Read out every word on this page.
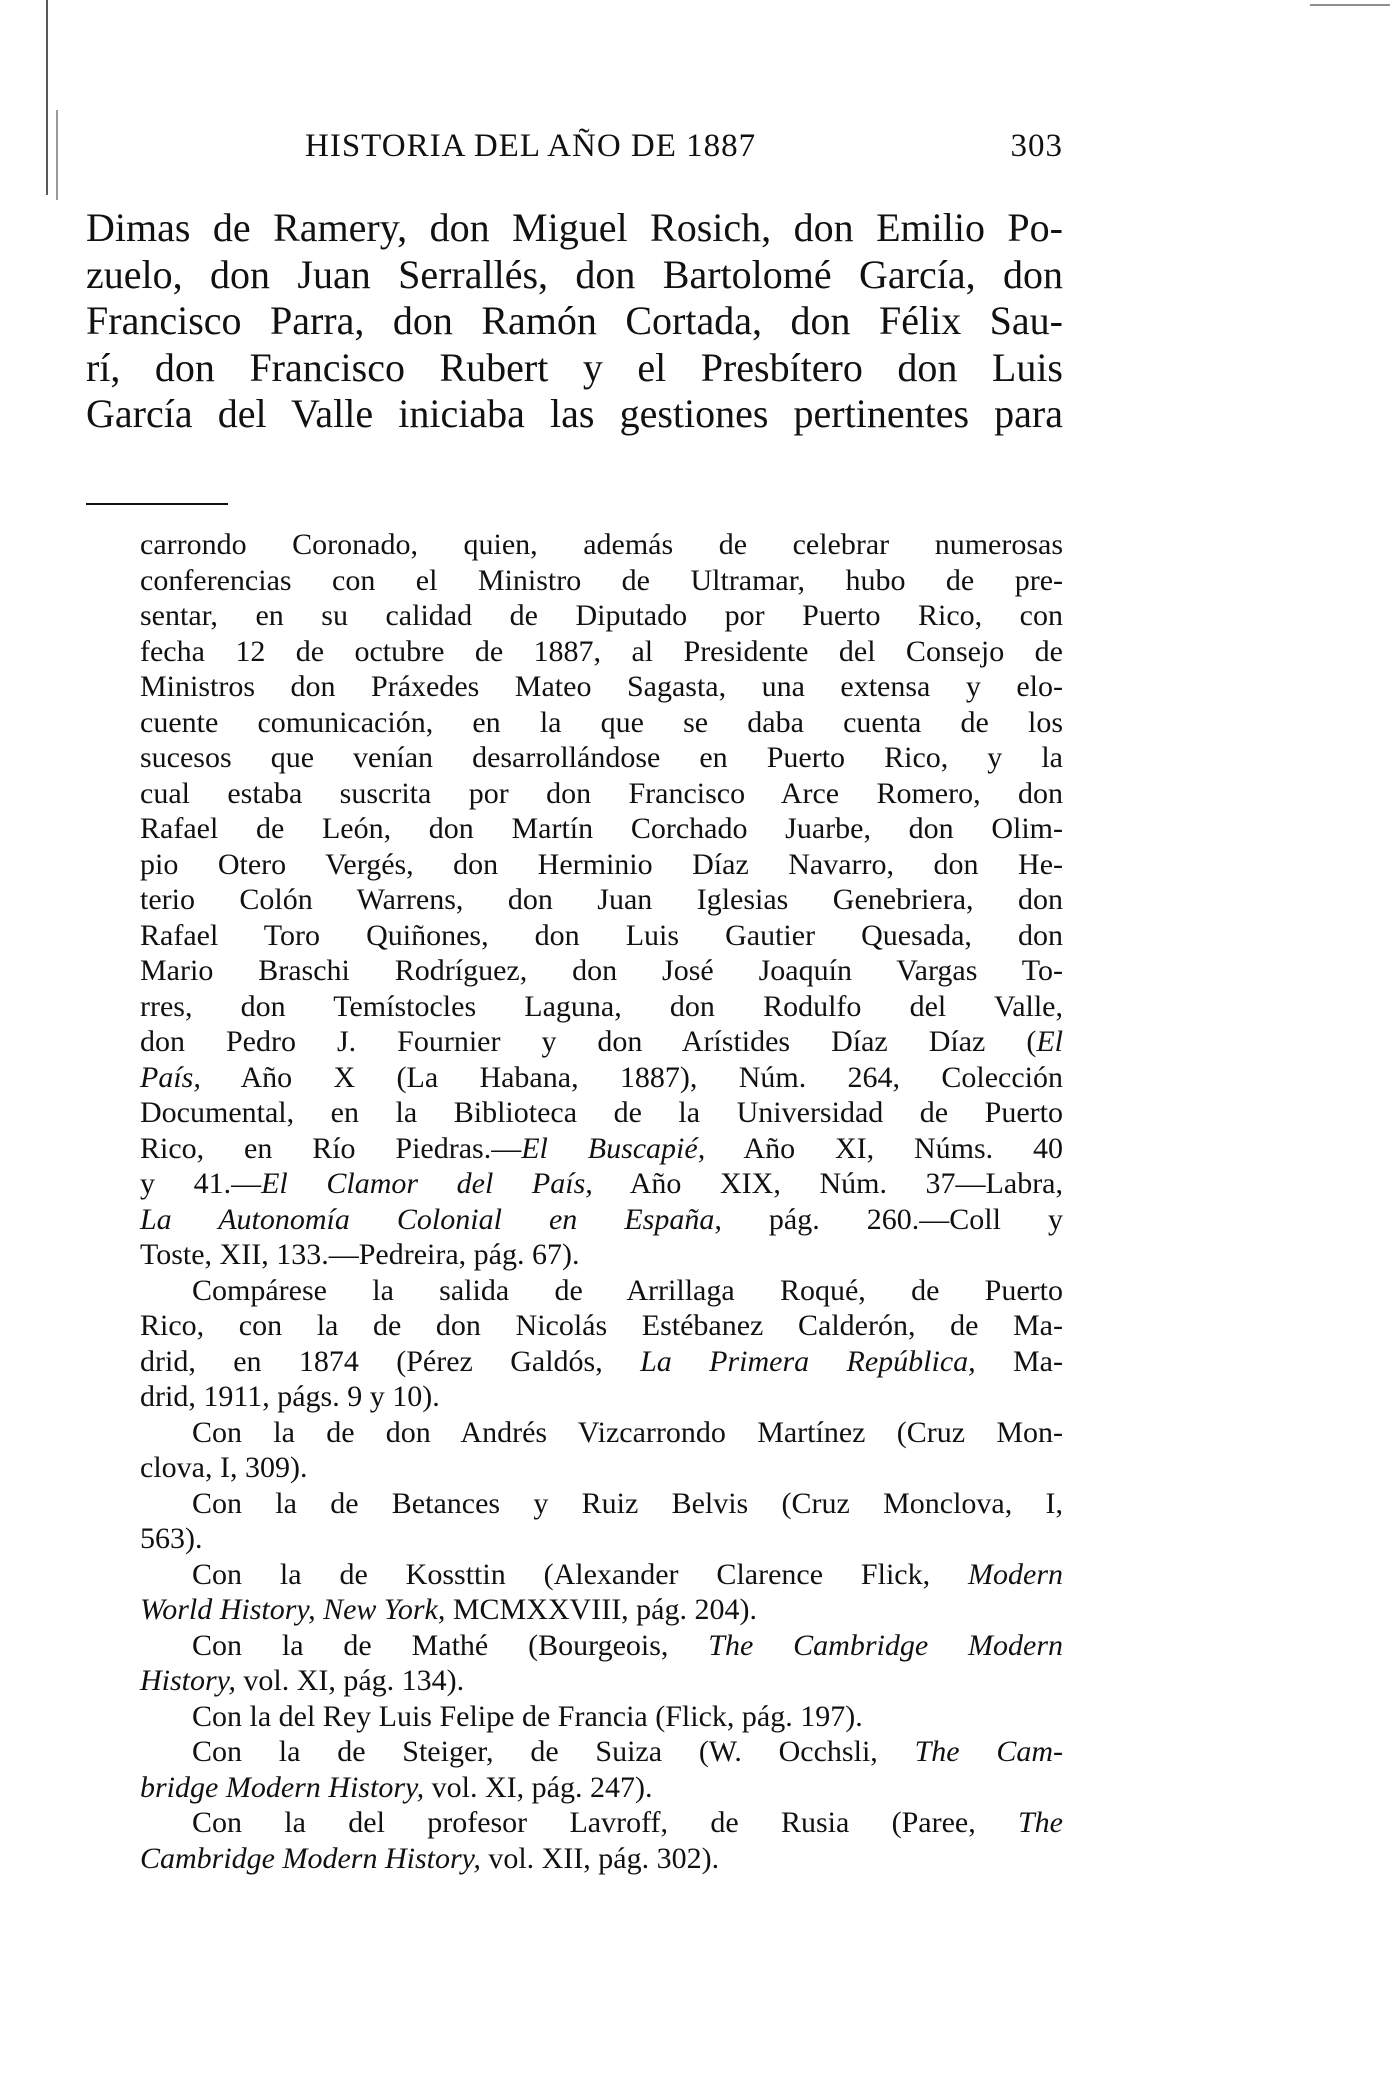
HISTORIA DEL AÑO DE 1887	303
Dimas de Ramery, don Miguel Rosich, don Emilio Po-
zuelo, don Juan Serrallés, don Bartolomé García, don
Francisco Parra, don Ramón Cortada, don Félix Sau-
rí, don Francisco Rubert y el Presbítero don Luis
García del Valle iniciaba las gestiones pertinentes para
carrondo Coronado, quien, además de celebrar numerosas
conferencias con el Ministro de Ultramar, hubo de pre-
sentar, en su calidad de Diputado por Puerto Rico, con
fecha 12 de octubre de 1887, al Presidente del Consejo de
Ministros don Práxedes Mateo Sagasta, una extensa y elo-
cuente comunicación, en la que se daba cuenta de los
sucesos que venían desarrollándose en Puerto Rico, y la
cual estaba suscrita por don Francisco Arce Romero, don
Rafael de León, don Martín Corchado Juarbe, don Olim-
pio Otero Vergés, don Herminio Díaz Navarro, don He-
terio Colón Warrens, don Juan Iglesias Genebriera, don
Rafael Toro Quiñones, don Luis Gautier Quesada, don
Mario Braschi Rodríguez, don José Joaquín Vargas To-
rres, don Temístocles Laguna, don Rodulfo del Valle,
don Pedro J. Fournier y don Arístides Díaz Díaz (El
País, Año X (La Habana, 1887), Núm. 264, Colección
Documental, en la Biblioteca de la Universidad de Puerto
Rico, en Río Piedras.—El Buscapié, Año XI, Núms. 40
y 41.—El Clamor del País, Año XIX, Núm. 37—Labra,
La Autonomía Colonial en España, pág. 260.—Coll y
Toste, XII, 133.—Pedreira, pág. 67).
Compárese la salida de Arrillaga Roqué, de Puerto
Rico, con la de don Nicolás Estébanez Calderón, de Ma-
drid, en 1874 (Pérez Galdós, La Primera República, Ma-
drid, 1911, págs. 9 y 10).
Con la de don Andrés Vizcarrondo Martínez (Cruz Mon-
clova, I, 309).
Con la de Betances y Ruiz Belvis (Cruz Monclova, I,
563).
Con la de Kossttin (Alexander Clarence Flick, Modern
World History, New York, MCMXXVIII, pág. 204).
Con la de Mathé (Bourgeois, The Cambridge Modern
History, vol. XI, pág. 134).
Con la del Rey Luis Felipe de Francia (Flick, pág. 197).
Con la de Steiger, de Suiza (W. Occhsli, The Cam-
bridge Modern History, vol. XI, pág. 247).
Con la del profesor Lavroff, de Rusia (Paree, The
Cambridge Modern History, vol. XII, pág. 302).
